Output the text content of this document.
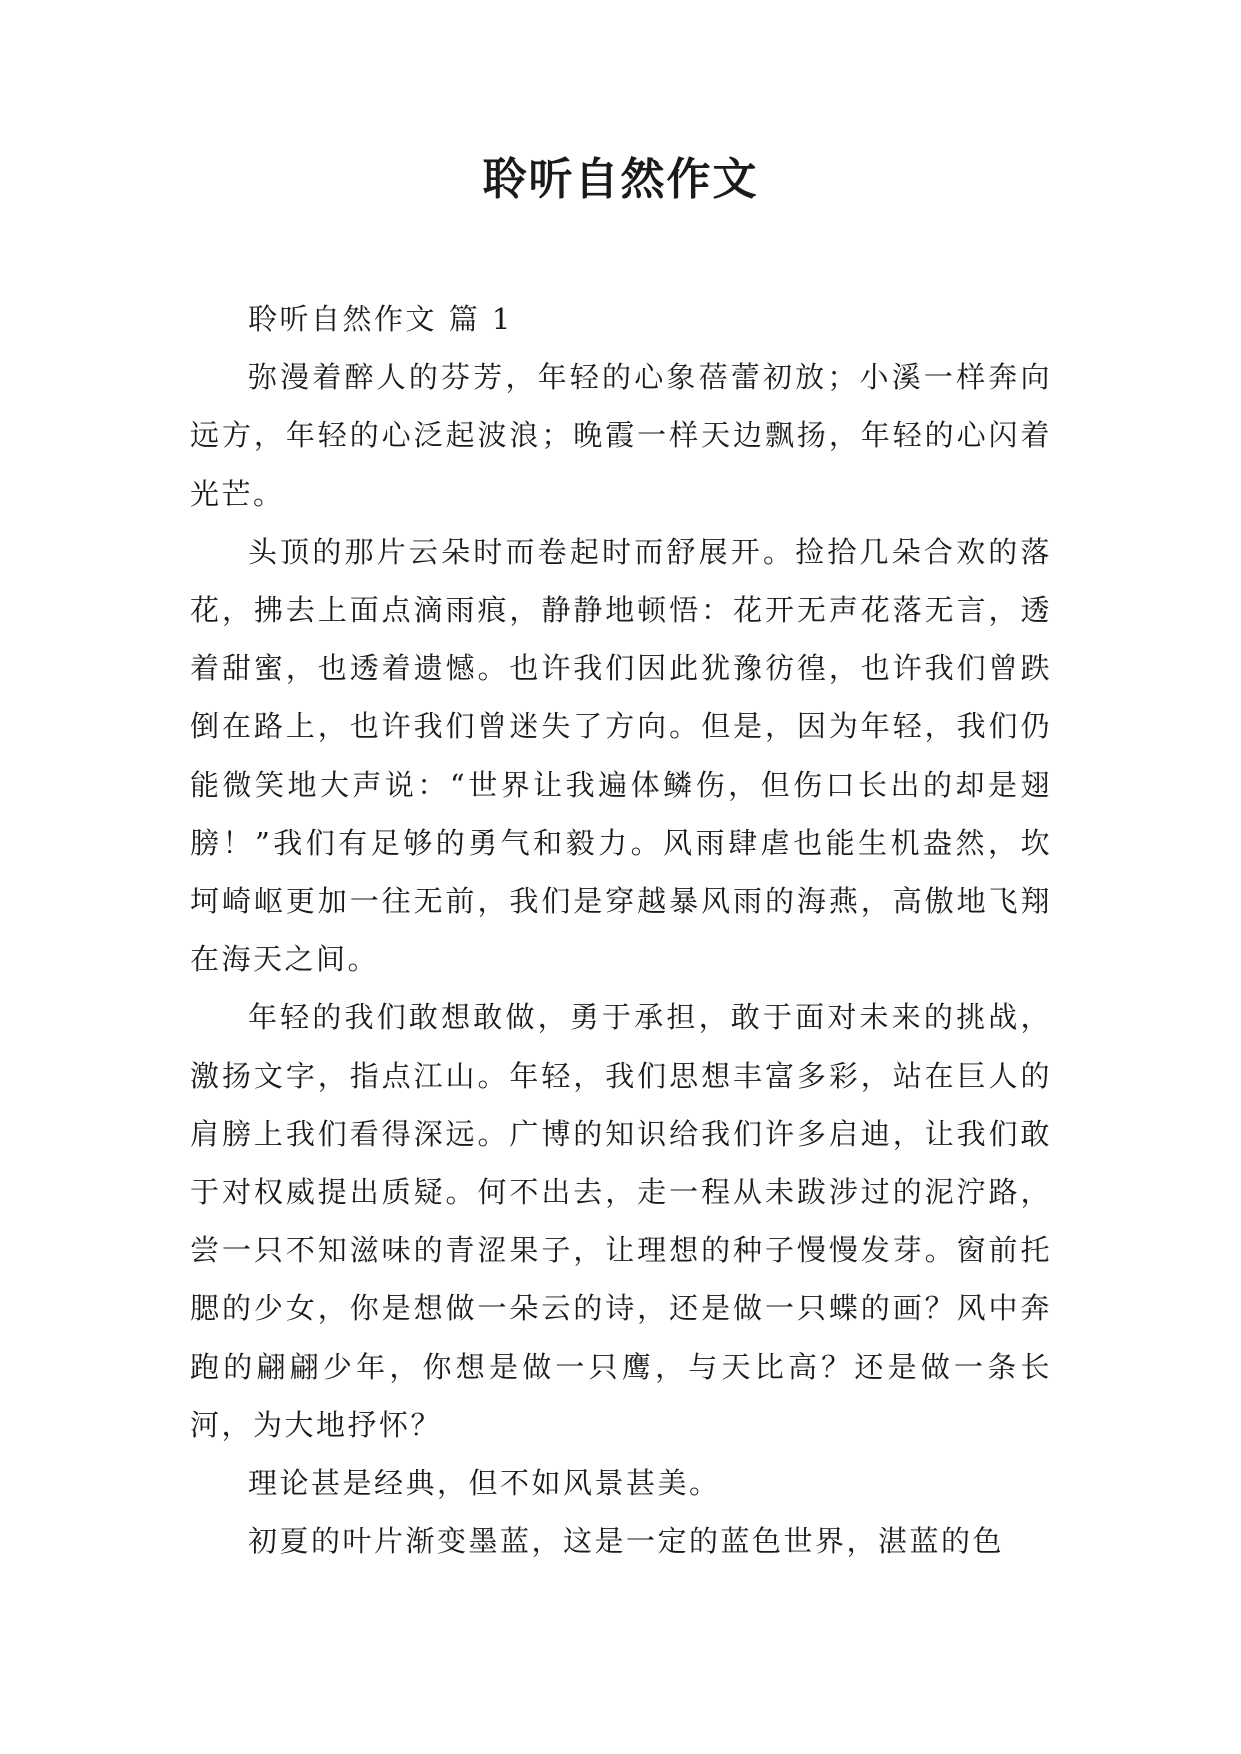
聆听自然作文

聆听自然作文 篇 1

弥漫着醉人的芬芳，年轻的心象蓓蕾初放；小溪一样奔向远方，年轻的心泛起波浪；晚霞一样天边飘扬，年轻的心闪着光芒。

头顶的那片云朵时而卷起时而舒展开。捡拾几朵合欢的落花，拂去上面点滴雨痕，静静地顿悟：花开无声花落无言，透着甜蜜，也透着遗憾。也许我们因此犹豫彷徨，也许我们曾跌倒在路上，也许我们曾迷失了方向。但是，因为年轻，我们仍能微笑地大声说：“世界让我遍体鳞伤，但伤口长出的却是翅膀！”我们有足够的勇气和毅力。风雨肆虐也能生机盎然，坎坷崎岖更加一往无前，我们是穿越暴风雨的海燕，高傲地飞翔在海天之间。

年轻的我们敢想敢做，勇于承担，敢于面对未来的挑战，激扬文字，指点江山。年轻，我们思想丰富多彩，站在巨人的肩膀上我们看得深远。广博的知识给我们许多启迪，让我们敢于对权威提出质疑。何不出去，走一程从未跋涉过的泥泞路，尝一只不知滋味的青涩果子，让理想的种子慢慢发芽。窗前托腮的少女，你是想做一朵云的诗，还是做一只蝶的画？风中奔跑的翩翩少年，你想是做一只鹰，与天比高？还是做一条长河，为大地抒怀？

理论甚是经典，但不如风景甚美。

初夏的叶片渐变墨蓝，这是一定的蓝色世界，湛蓝的色
